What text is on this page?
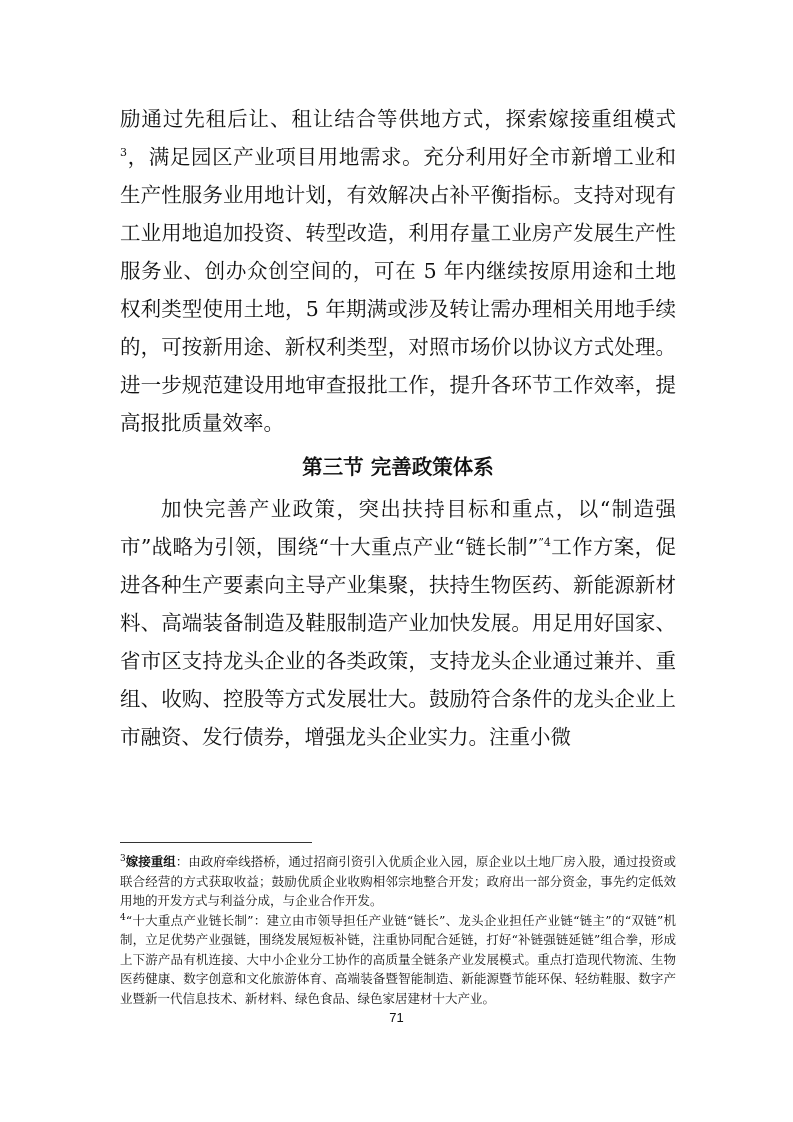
励通过先租后让、租让结合等供地方式，探索嫁接重组模式$^3$，满足园区产业项目用地需求。充分利用好全市新增工业和生产性服务业用地计划，有效解决占补平衡指标。支持对现有工业用地追加投资、转型改造，利用存量工业房产发展生产性服务业、创办众创空间的，可在 5 年内继续按原用途和土地权利类型使用土地，5 年期满或涉及转让需办理相关用地手续的，可按新用途、新权利类型，对照市场价以协议方式处理。进一步规范建设用地审查报批工作，提升各环节工作效率，提高报批质量效率。

第三节 完善政策体系

加快完善产业政策，突出扶持目标和重点，以“制造强市”战略为引领，围绕“十大重点产业“链长制”$^{”4}$工作方案，促进各种生产要素向主导产业集聚，扶持生物医药、新能源新材料、高端装备制造及鞋服制造产业加快发展。用足用好国家、省市区支持龙头企业的各类政策，支持龙头企业通过兼并、重组、收购、控股等方式发展壮大。鼓励符合条件的龙头企业上市融资、发行债券，增强龙头企业实力。注重小微

$^3$嫁接重组：由政府牵线搭桥，通过招商引资引入优质企业入园，原企业以土地厂房入股，通过投资或联合经营的方式获取收益；鼓励优质企业收购相邻宗地整合开发；政府出一部分资金，事先约定低效用地的开发方式与利益分成，与企业合作开发。

$^4$“十大重点产业链长制”：建立由市领导担任产业链“链长”、龙头企业担任产业链“链主”的“双链”机制，立足优势产业强链，围绕发展短板补链，注重协同配合延链，打好“补链强链延链”组合拳，形成上下游产品有机连接、大中小企业分工协作的高质量全链条产业发展模式。重点打造现代物流、生物医药健康、数字创意和文化旅游体育、高端装备暨智能制造、新能源暨节能环保、轻纺鞋服、数字产业暨新一代信息技术、新材料、绿色食品、绿色家居建材十大产业。

71
